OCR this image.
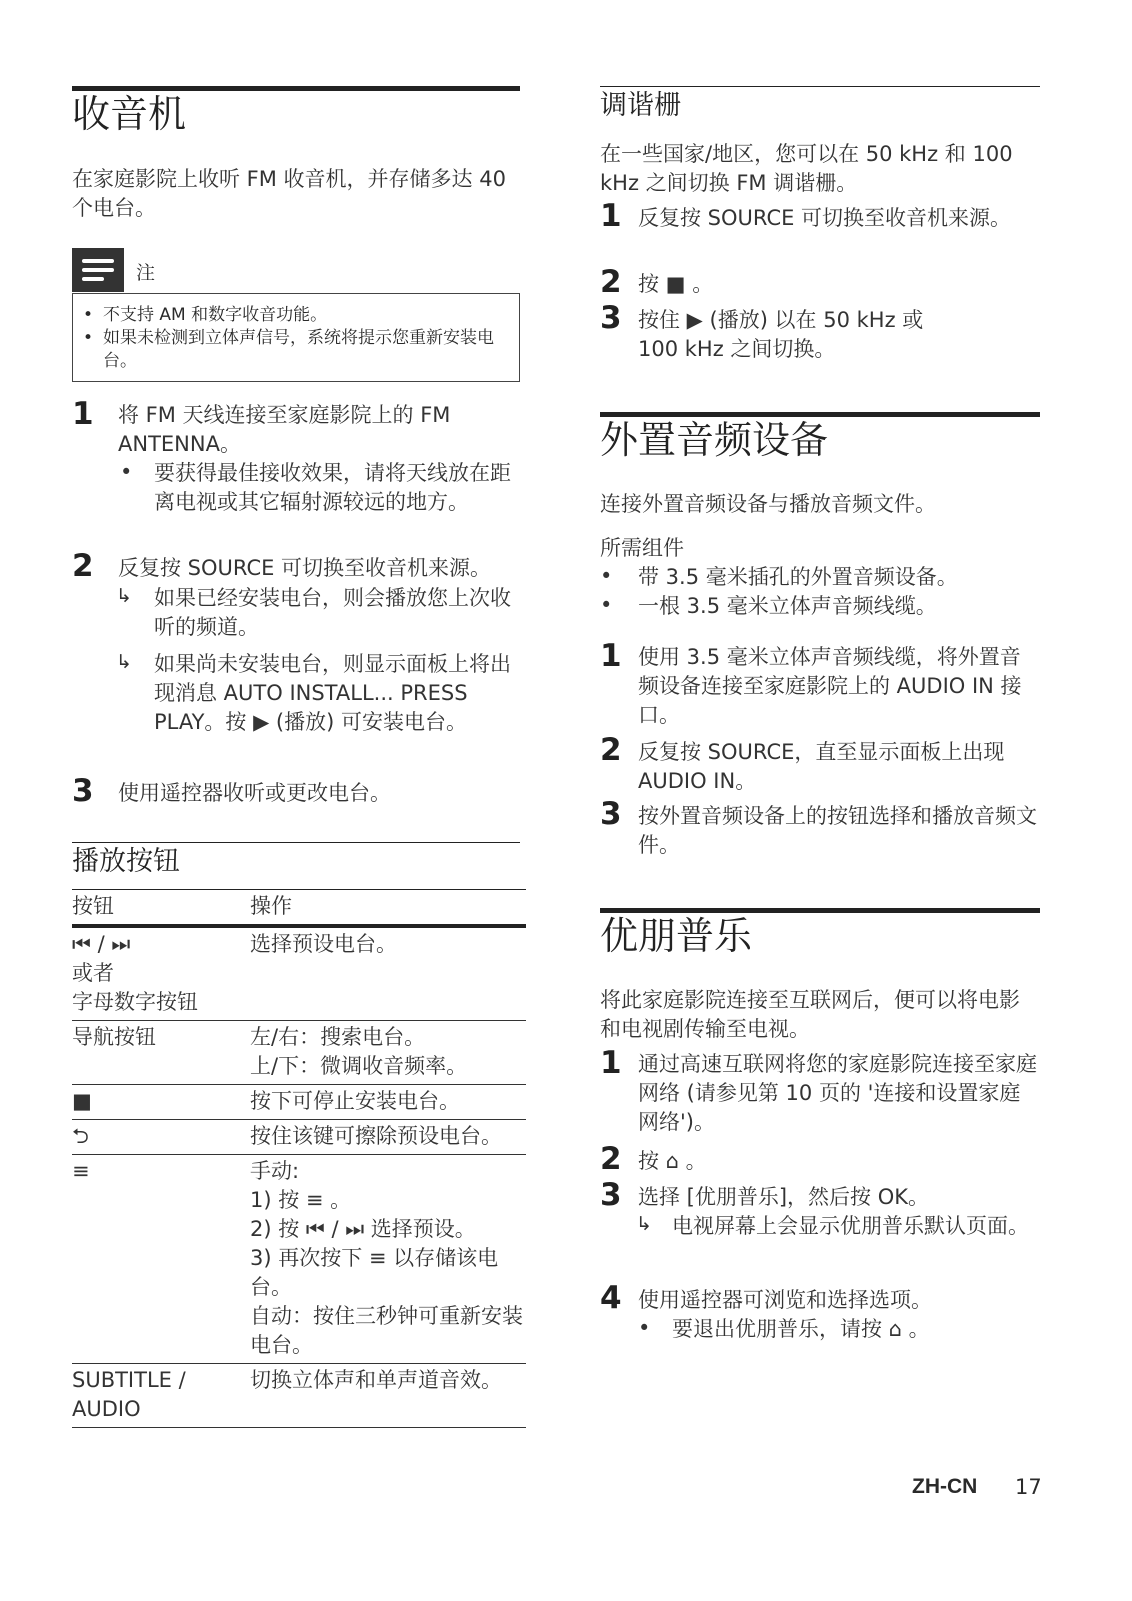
收音机

在家庭影院上收听 FM 收音机，并存储多达 40 个电台。

注
• 不支持 AM 和数字收音功能。
• 如果未检测到立体声信号，系统将提示您重新安装电台。
1 将 FM 天线连接至家庭影院上的 FM ANTENNA。

• 要获得最佳接收效果，请将天线放在距离电视或其它辐射源较远的地方。

2 反复按 SOURCE 可切换至收音机来源。

↳ 如果已经安装电台，则会播放您上次收听的频道。

↳ 如果尚未安装电台，则显示面板上将出现消息 AUTO INSTALL... PRESS PLAY。按 ▶ (播放) 可安装电台。

3 使用遥控器收听或更改电台。

播放按钮
按钮	操作

⏮ / ⏭
或者
字母数字按钮	选择预设电台。
导航按钮	左/右：搜索电台。
上/下：微调收音频率。

■	按下可停止安装电台。
⮌	按住该键可擦除预设电台。
≡	手动:
1) 按 ≡ 。
2) 按 ⏮ / ⏭ 选择预设。
3) 再次按下 ≡ 以存储该电台。
自动：按住三秒钟可重新安装电台。

SUBTITLE / AUDIO	切换立体声和单声道音效。
调谐栅

在一些国家/地区，您可以在 50 kHz 和 100 kHz 之间切换 FM 调谐栅。

1 反复按 SOURCE 可切换至收音机来源。

2 按 ■ 。

3 按住 ▶ (播放) 以在 50 kHz 或 100 kHz 之间切换。

外置音频设备

连接外置音频设备与播放音频文件。

所需组件

• 带 3.5 毫米插孔的外置音频设备。

• 一根 3.5 毫米立体声音频线缆。

1 使用 3.5 毫米立体声音频线缆，将外置音频设备连接至家庭影院上的 AUDIO IN 接口。

2 反复按 SOURCE，直至显示面板上出现 AUDIO IN。

3 按外置音频设备上的按钮选择和播放音频文件。

优朋普乐

将此家庭影院连接至互联网后，便可以将电影和电视剧传输至电视。

1 通过高速互联网将您的家庭影院连接至家庭网络 (请参见第 10 页的 '连接和设置家庭网络')。

2 按 ⌂ 。

3 选择 [优朋普乐]，然后按 OK。

↳ 电视屏幕上会显示优朋普乐默认页面。

4 使用遥控器可浏览和选择选项。

• 要退出优朋普乐，请按 ⌂ 。

ZH-CN 17
